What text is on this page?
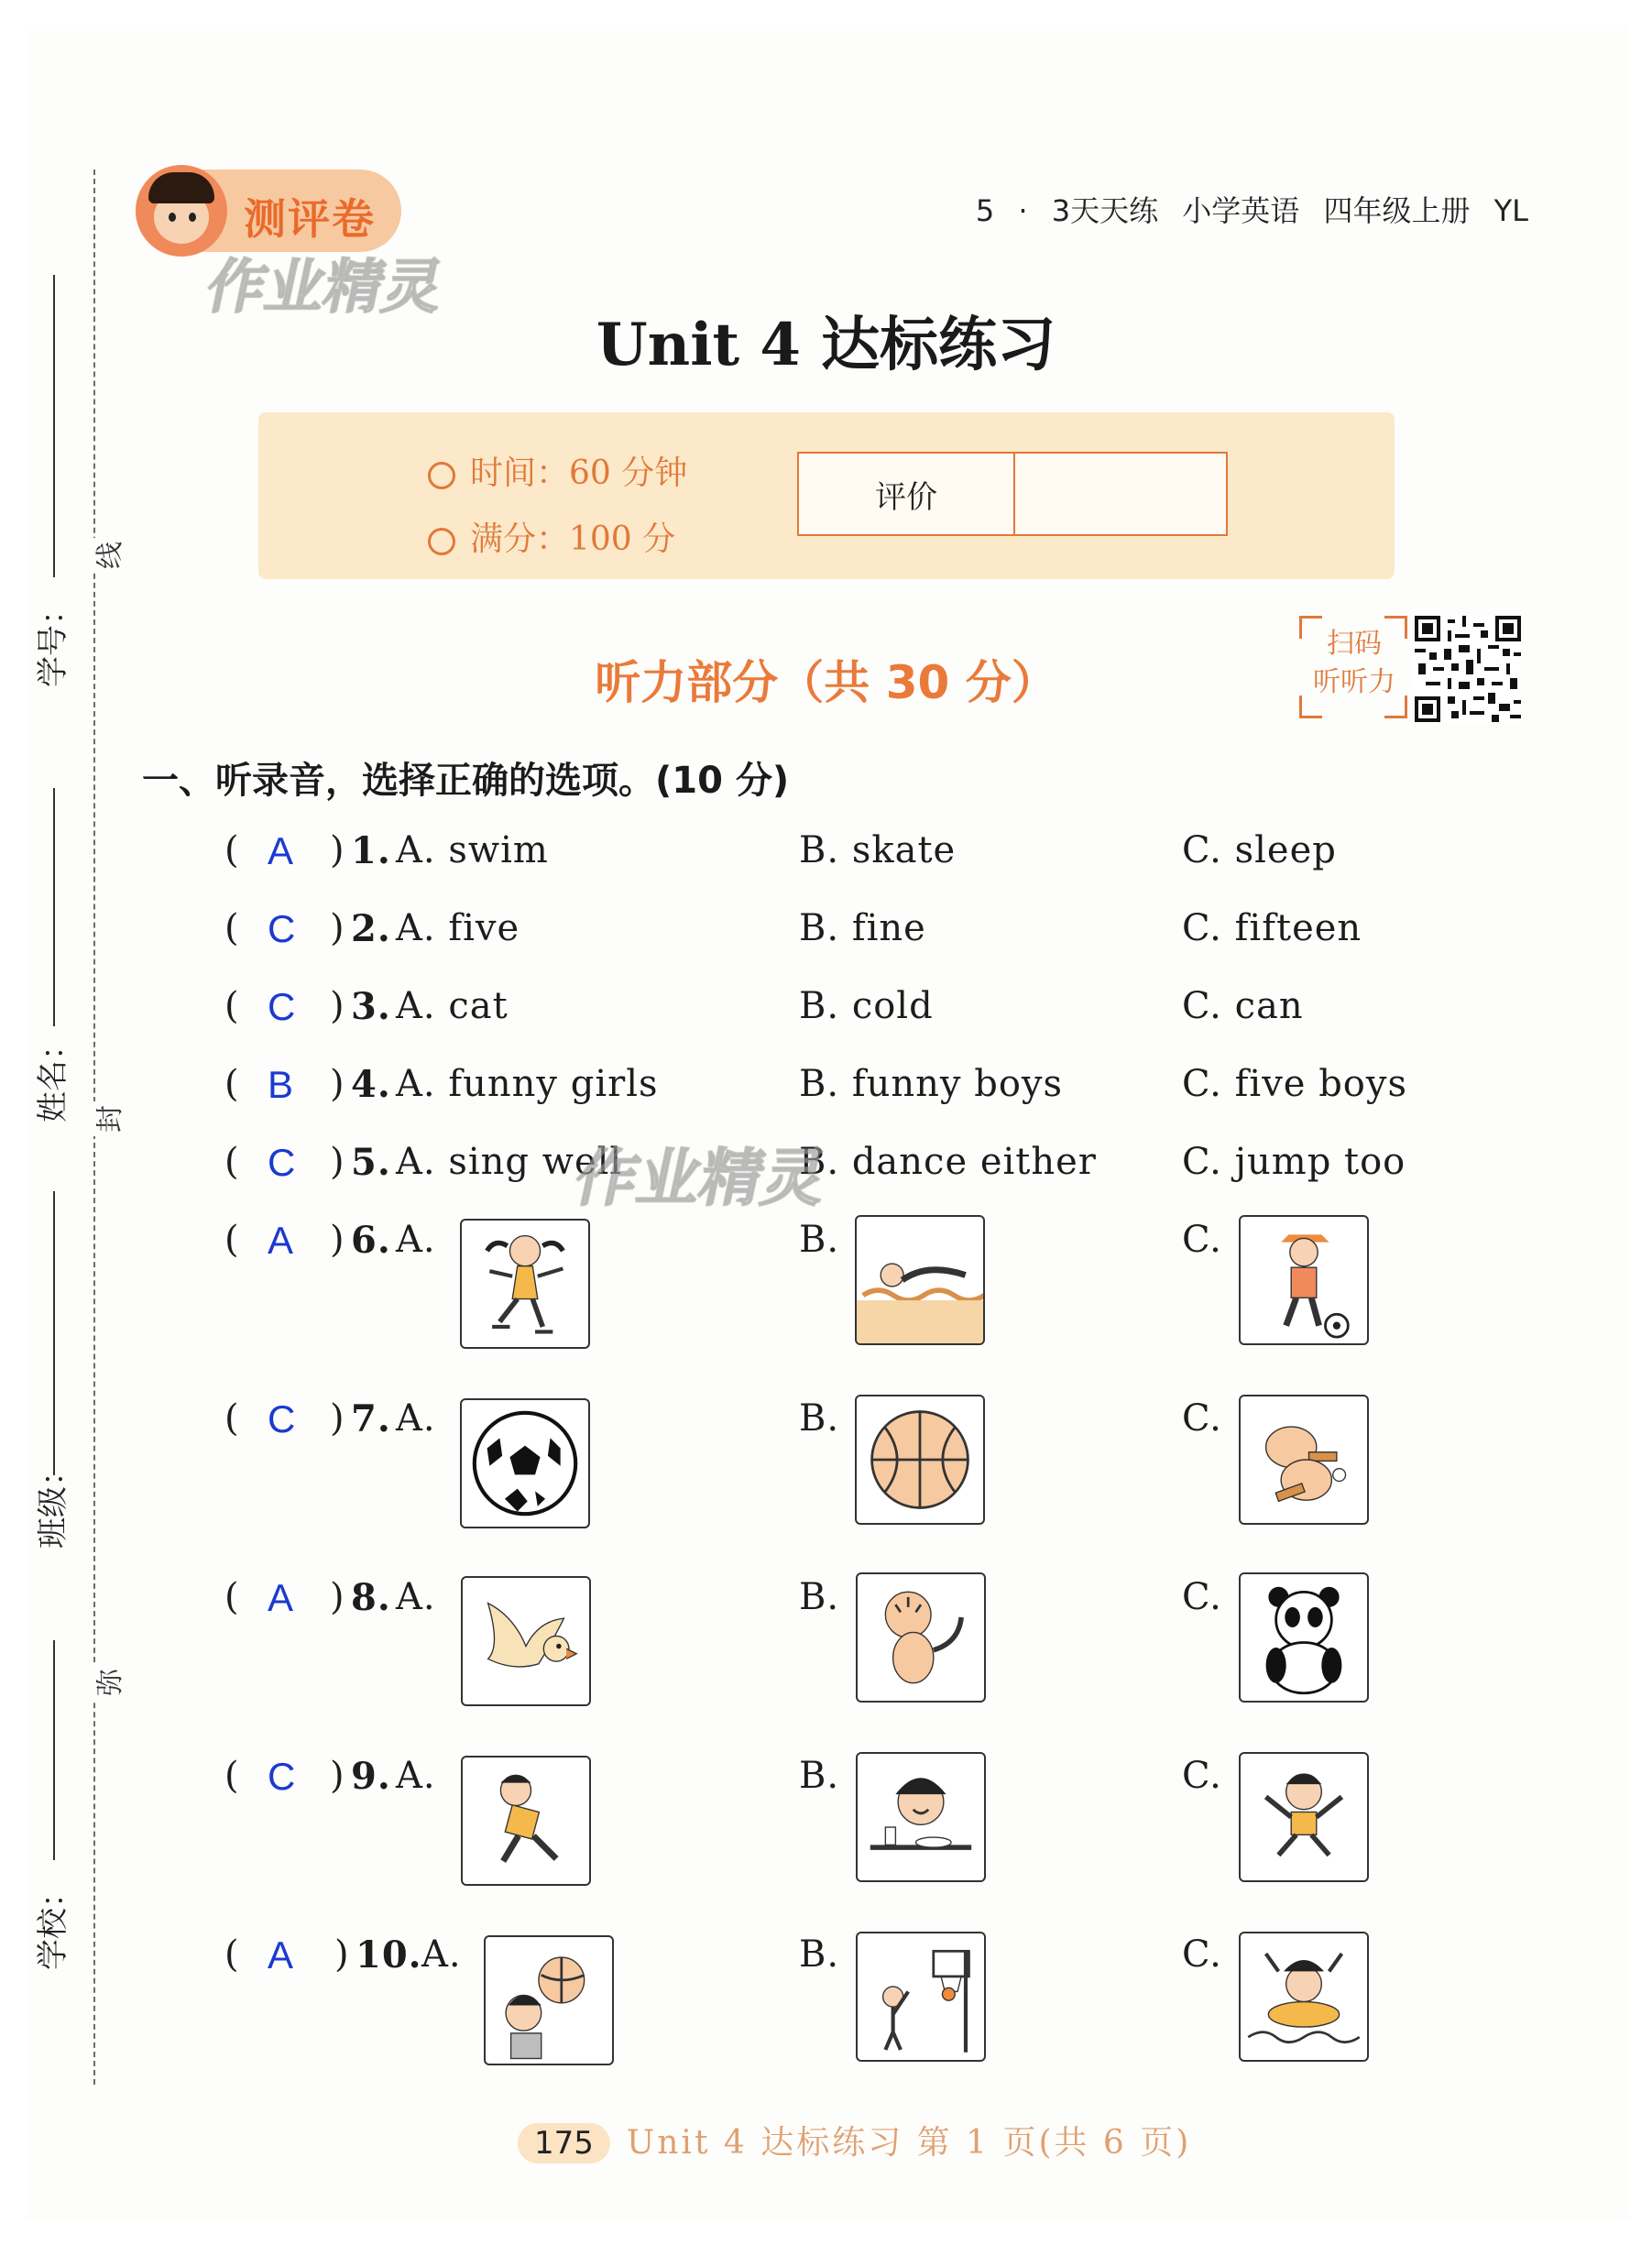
学号：
姓名：
班级：
学校：
线
封
弥
测评卷
作业精灵
5 · 3天天练 小学英语 四年级上册 YL
Unit 4 达标练习
时间：60 分钟
满分：100 分
评价
听力部分（共 30 分）
扫码
听听力
一、听录音，选择正确的选项。(10 分)
( )
A 1. A. swim	B. skate	C. sleep
( )
C 2. A. five	B. fine	C. fifteen
( )
C 3. A. cat	B. cold	C. can
( )
B 4. A. funny girls	B. funny boys	C. five boys
( )
C 5. A. sing well	B. dance either C. jump too
作业精灵
( )
A 6. A.	B.	C.
( )
C 7. A.	B.	C.
( )
A 8. A.	B.	C.
( )
C 9. A.	B.	C.
(	)
A 10. A.	B.	C.
175 Unit 4 达标练习 第 1 页(共 6 页)
